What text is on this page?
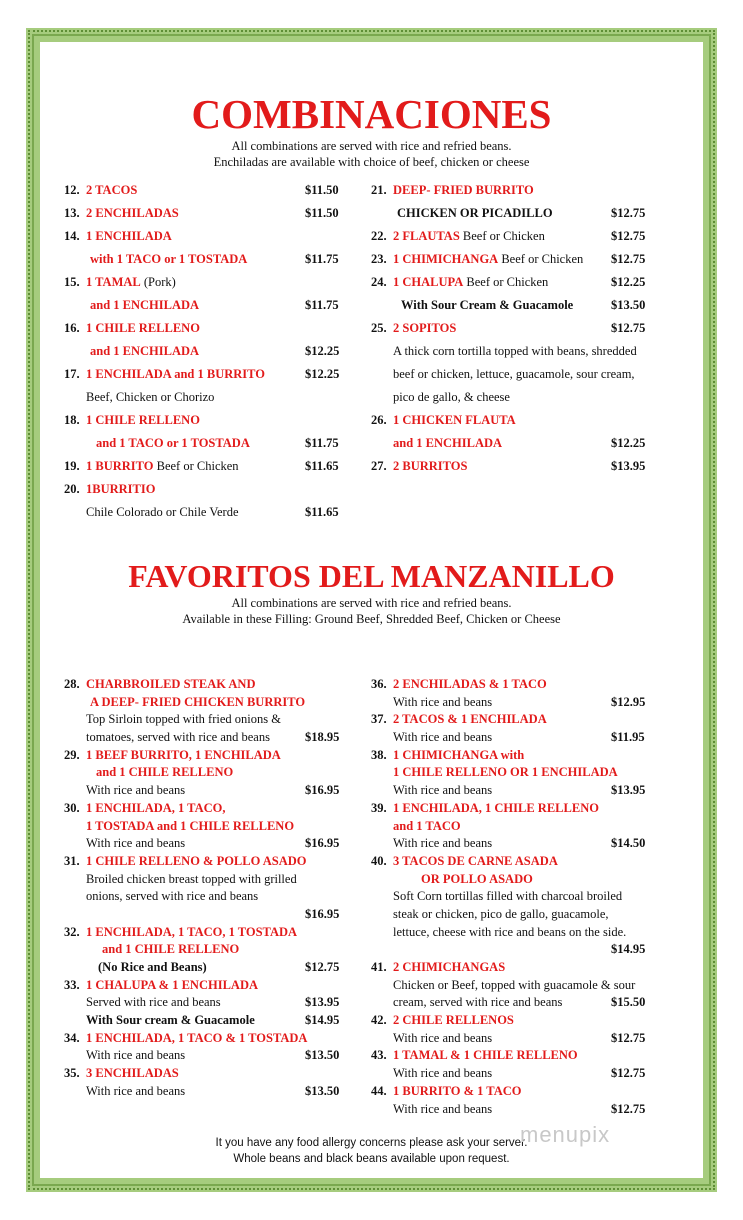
COMBINACIONES

All combinations are served with rice and refried beans.

Enchiladas are available with choice of beef, chicken or cheese

12. 2 TACOS	$11.50
13. 2 ENCHILADAS	$11.50
14. 1 ENCHILADA
with 1 TACO or 1 TOSTADA	$11.75
15. 1 TAMAL (Pork)
and 1 ENCHILADA	$11.75
16. 1 CHILE RELLENO
and 1 ENCHILADA	$12.25
17. 1 ENCHILADA and 1 BURRITO	$12.25
Beef, Chicken or Chorizo
18. 1 CHILE RELLENO
and 1 TACO or 1 TOSTADA	$11.75
19. 1 BURRITO Beef or Chicken	$11.65
20. 1BURRITIO
Chile Colorado or Chile Verde	$11.65
21. DEEP- FRIED BURRITO
CHICKEN OR PICADILLO	$12.75
22. 2 FLAUTAS Beef or Chicken	$12.75
23. 1 CHIMICHANGA Beef or Chicken $12.75
24. 1 CHALUPA Beef or Chicken	$12.25
With Sour Cream & Guacamole	$13.50
25. 2 SOPITOS	$12.75
A thick corn tortilla topped with beans, shredded
beef or chicken, lettuce, guacamole, sour cream,
pico de gallo, & cheese
26. 1 CHICKEN FLAUTA
and 1 ENCHILADA	$12.25
27. 2 BURRITOS	$13.95
FAVORITOS DEL MANZANILLO

All combinations are served with rice and refried beans.

Available in these Filling: Ground Beef, Shredded Beef, Chicken or Cheese

28. CHARBROILED STEAK AND
A DEEP- FRIED CHICKEN BURRITO
Top Sirloin topped with fried onions &
tomatoes, served with rice and beans	$18.95
29. 1 BEEF BURRITO, 1 ENCHILADA
and 1 CHILE RELLENO
With rice and beans	$16.95
30. 1 ENCHILADA, 1 TACO,
1 TOSTADA and 1 CHILE RELLENO
With rice and beans	$16.95
31. 1 CHILE RELLENO & POLLO ASADO
Broiled chicken breast topped with grilled
onions, served with rice and beans
$16.95
32. 1 ENCHILADA, 1 TACO, 1 TOSTADA
and 1 CHILE RELLENO
(No Rice and Beans)	$12.75
33. 1 CHALUPA & 1 ENCHILADA
Served with rice and beans	$13.95
With Sour cream & Guacamole	$14.95
34. 1 ENCHILADA, 1 TACO & 1 TOSTADA
With rice and beans	$13.50
35. 3 ENCHILADAS
With rice and beans	$13.50
36. 2 ENCHILADAS & 1 TACO
With rice and beans	$12.95
37. 2 TACOS & 1 ENCHILADA
With rice and beans	$11.95
38. 1 CHIMICHANGA with
1 CHILE RELLENO OR 1 ENCHILADA
With rice and beans	$13.95
39. 1 ENCHILADA, 1 CHILE RELLENO
and 1 TACO
With rice and beans	$14.50
40. 3 TACOS DE CARNE ASADA
OR POLLO ASADO
Soft Corn tortillas filled with charcoal broiled
steak or chicken, pico de gallo, guacamole,
lettuce, cheese with rice and beans on the side.
$14.95
41. 2 CHIMICHANGAS
Chicken or Beef, topped with guacamole & sour
cream, served with rice and beans	$15.50
42. 2 CHILE RELLENOS
With rice and beans	$12.75
43. 1 TAMAL & 1 CHILE RELLENO
With rice and beans	$12.75
44. 1 BURRITO & 1 TACO
With rice and beans	$12.75

It you have any food allergy concerns please ask your server.

Whole beans and black beans available upon request.

menupix
